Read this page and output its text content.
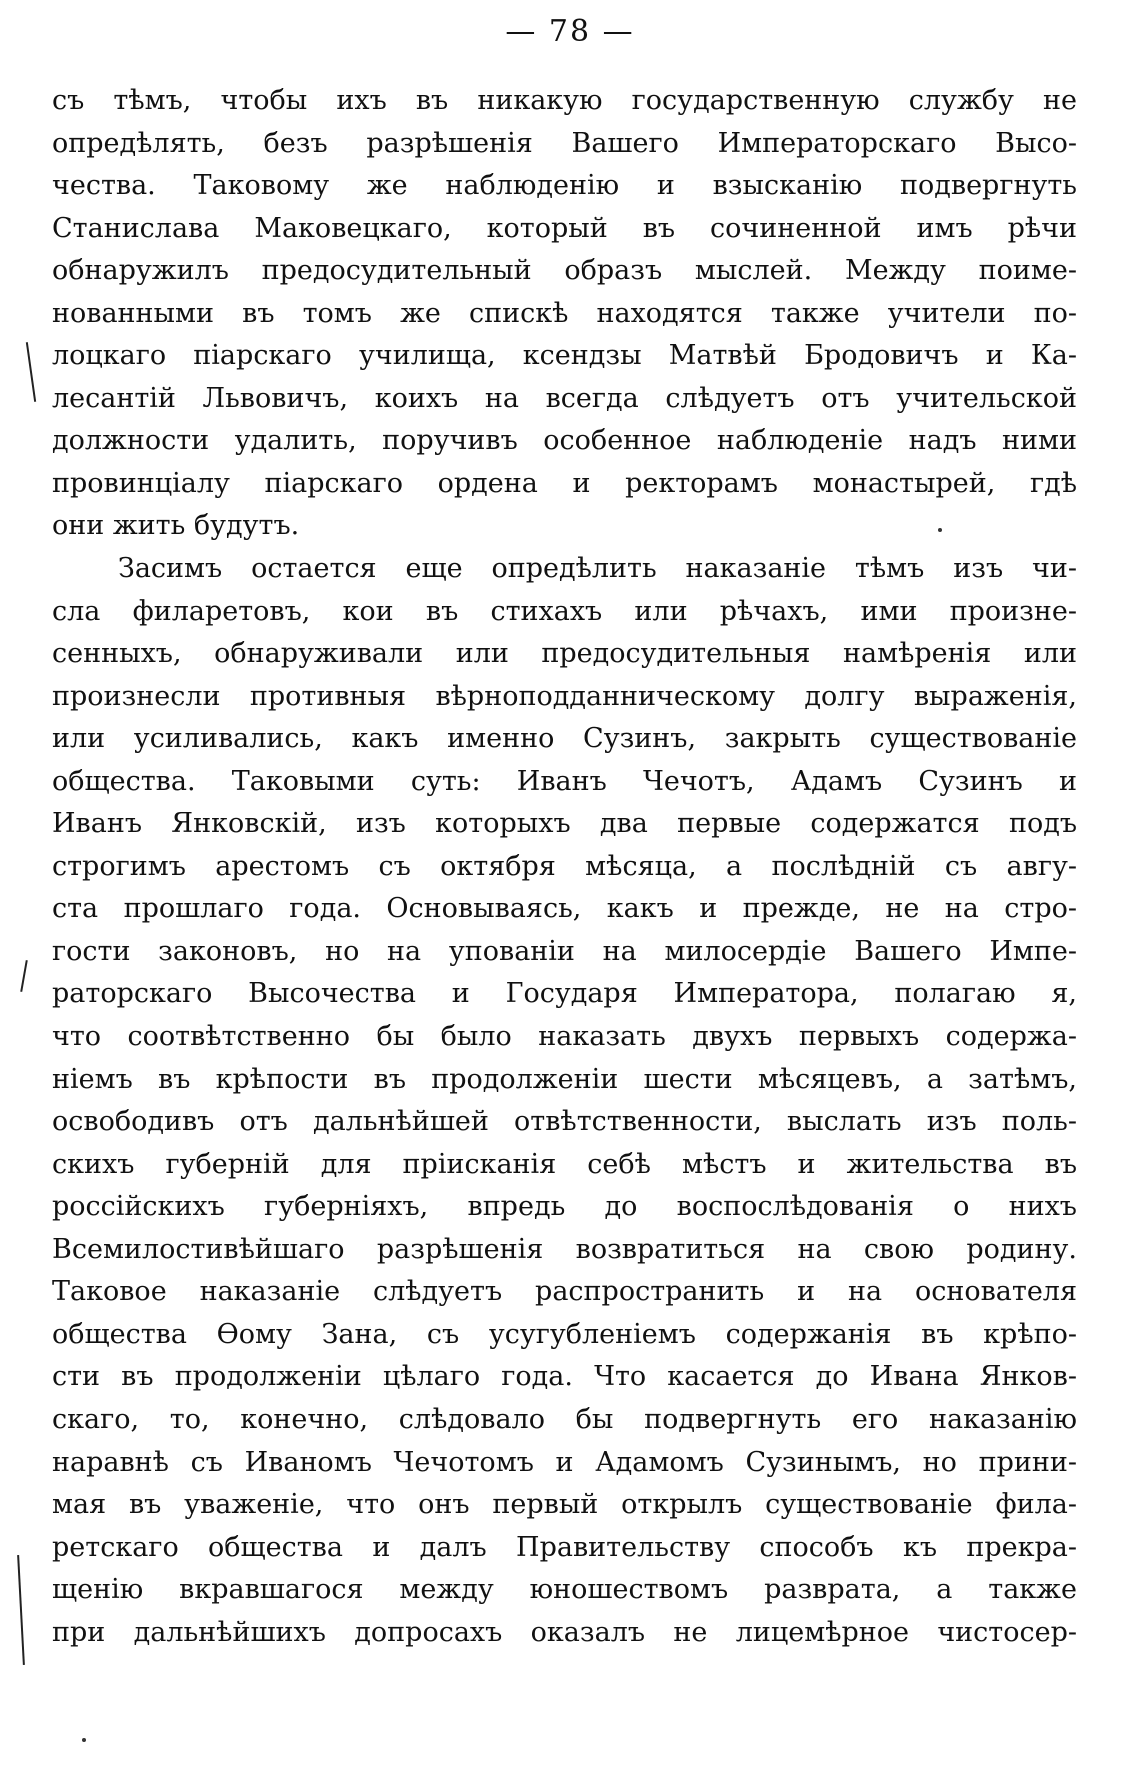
— 78 —
съ тѣмъ, чтобы ихъ въ никакую государственную службу не
опредѣлять, безъ разрѣшенія Вашего Императорскаго Высо-
чества. Таковому же наблюденію и взысканію подвергнуть
Станислава Маковецкаго, который въ сочиненной имъ рѣчи
обнаружилъ предосудительный образъ мыслей. Между поиме-
нованными въ томъ же спискѣ находятся также учители по-
лоцкаго піарскаго училища, ксендзы Матвѣй Бродовичъ и Ка-
лесантій Львовичъ, коихъ на всегда слѣдуетъ отъ учительской
должности удалить, поручивъ особенное наблюденіе надъ ними
провинціалу піарскаго ордена и ректорамъ монастырей, гдѣ
они жить будутъ.
Засимъ остается еще опредѣлить наказаніе тѣмъ изъ чи-
сла филаретовъ, кои въ стихахъ или рѣчахъ, ими произне-
сенныхъ, обнаруживали или предосудительныя намѣренія или
произнесли противныя вѣрноподданническому долгу выраженія,
или усиливались, какъ именно Сузинъ, закрыть существованіе
общества. Таковыми суть: Иванъ Чечотъ, Адамъ Сузинъ и
Иванъ Янковскій, изъ которыхъ два первые содержатся подъ
строгимъ арестомъ съ октября мѣсяца, а послѣдній съ авгу-
ста прошлаго года. Основываясь, какъ и прежде, не на стро-
гости законовъ, но на упованіи на милосердіе Вашего Импе-
раторскаго Высочества и Государя Императора, полагаю я,
что соотвѣтственно бы было наказать двухъ первыхъ содержа-
ніемъ въ крѣпости въ продолженіи шести мѣсяцевъ, а затѣмъ,
освободивъ отъ дальнѣйшей отвѣтственности, выслать изъ поль-
скихъ губерній для пріисканія себѣ мѣстъ и жительства въ
россійскихъ губерніяхъ, впредь до воспослѣдованія о нихъ
Всемилостивѣйшаго разрѣшенія возвратиться на свою родину.
Таковое наказаніе слѣдуетъ распространить и на основателя
общества Ѳому Зана, съ усугубленіемъ содержанія въ крѣпо-
сти въ продолженіи цѣлаго года. Что касается до Ивана Янков-
скаго, то, конечно, слѣдовало бы подвергнуть его наказанію
наравнѣ съ Иваномъ Чечотомъ и Адамомъ Сузинымъ, но прини-
мая въ уваженіе, что онъ первый открылъ существованіе фила-
ретскаго общества и далъ Правительству способъ къ прекра-
щенію вкравшагося между юношествомъ разврата, а также
при дальнѣйшихъ допросахъ оказалъ не лицемѣрное чистосер-
